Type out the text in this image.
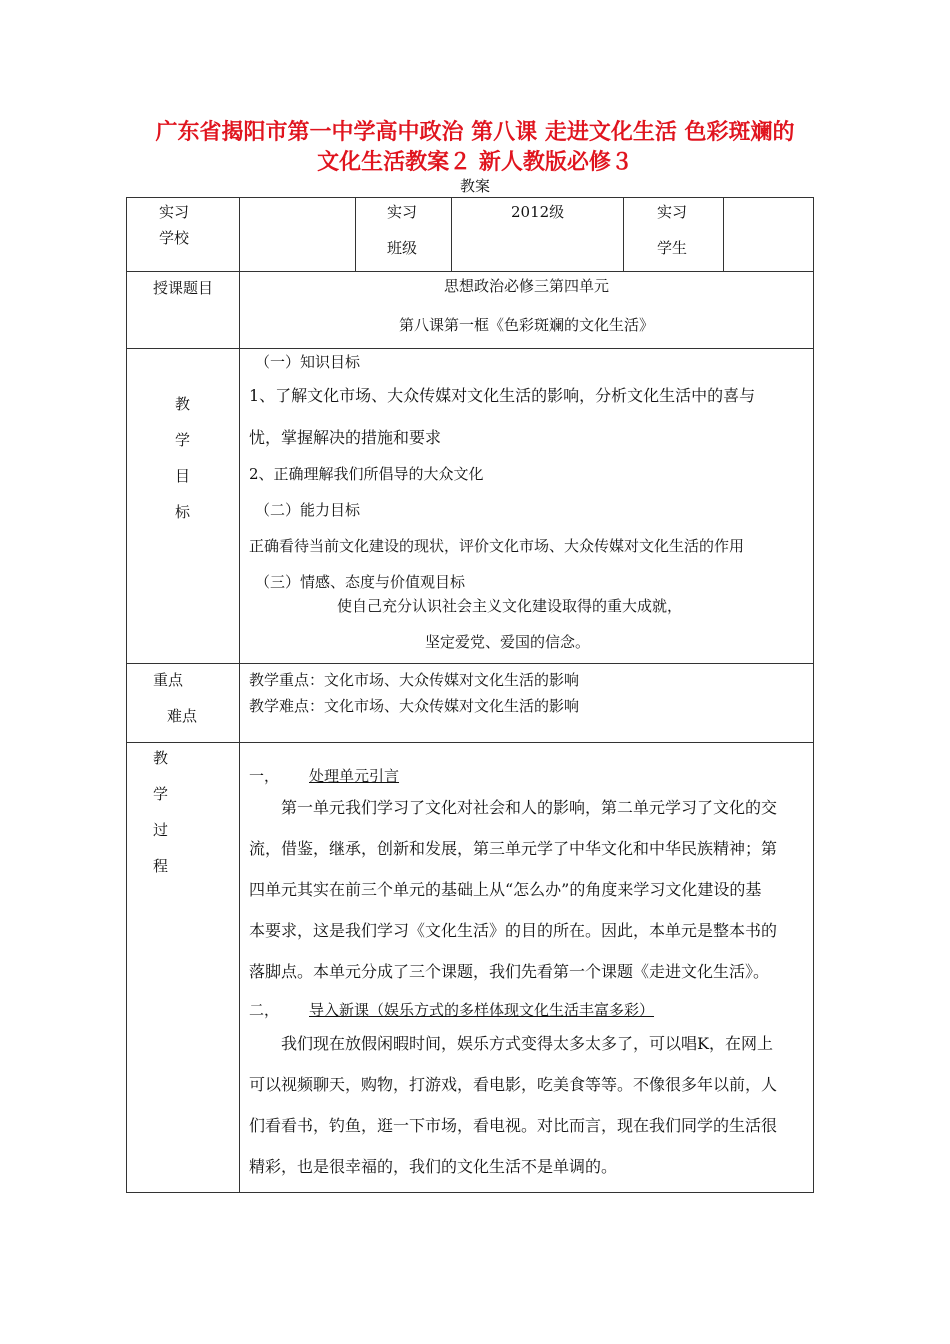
广东省揭阳市第一中学高中政治 第八课 走进文化生活 色彩斑斓的
文化生活教案２ 新人教版必修３
教案
实习
学校
实习
班级
2012级	实习
学生
授课题目	思想政治必修三第四单元
第八课第一框《色彩斑斓的文化生活》
教
学
目
标
（一）知识目标
1、了解文化市场、大众传媒对文化生活的影响，分析文化生活中的喜与
忧，掌握解决的措施和要求
2、正确理解我们所倡导的大众文化
（二）能力目标
正确看待当前文化建设的现状，评价文化市场、大众传媒对文化生活的作用
（三）情感、态度与价值观目标
使自己充分认识社会主义文化建设取得的重大成就，
坚定爱党、爱国的信念。
重点
难点
教学重点：文化市场、大众传媒对文化生活的影响
教学难点：文化市场、大众传媒对文化生活的影响
教
学
过
程
一， 处理单元引言
第一单元我们学习了文化对社会和人的影响，第二单元学习了文化的交
流，借鉴，继承，创新和发展，第三单元学了中华文化和中华民族精神；第
四单元其实在前三个单元的基础上从“怎么办”的角度来学习文化建设的基
本要求，这是我们学习《文化生活》的目的所在。因此，本单元是整本书的
落脚点。本单元分成了三个课题，我们先看第一个课题《走进文化生活》。
二， 导入新课（娱乐方式的多样体现文化生活丰富多彩）
我们现在放假闲暇时间，娱乐方式变得太多太多了，可以唱K，在网上
可以视频聊天，购物，打游戏，看电影，吃美食等等。不像很多年以前，人
们看看书，钓鱼，逛一下市场，看电视。对比而言，现在我们同学的生活很
精彩，也是很幸福的，我们的文化生活不是单调的。
